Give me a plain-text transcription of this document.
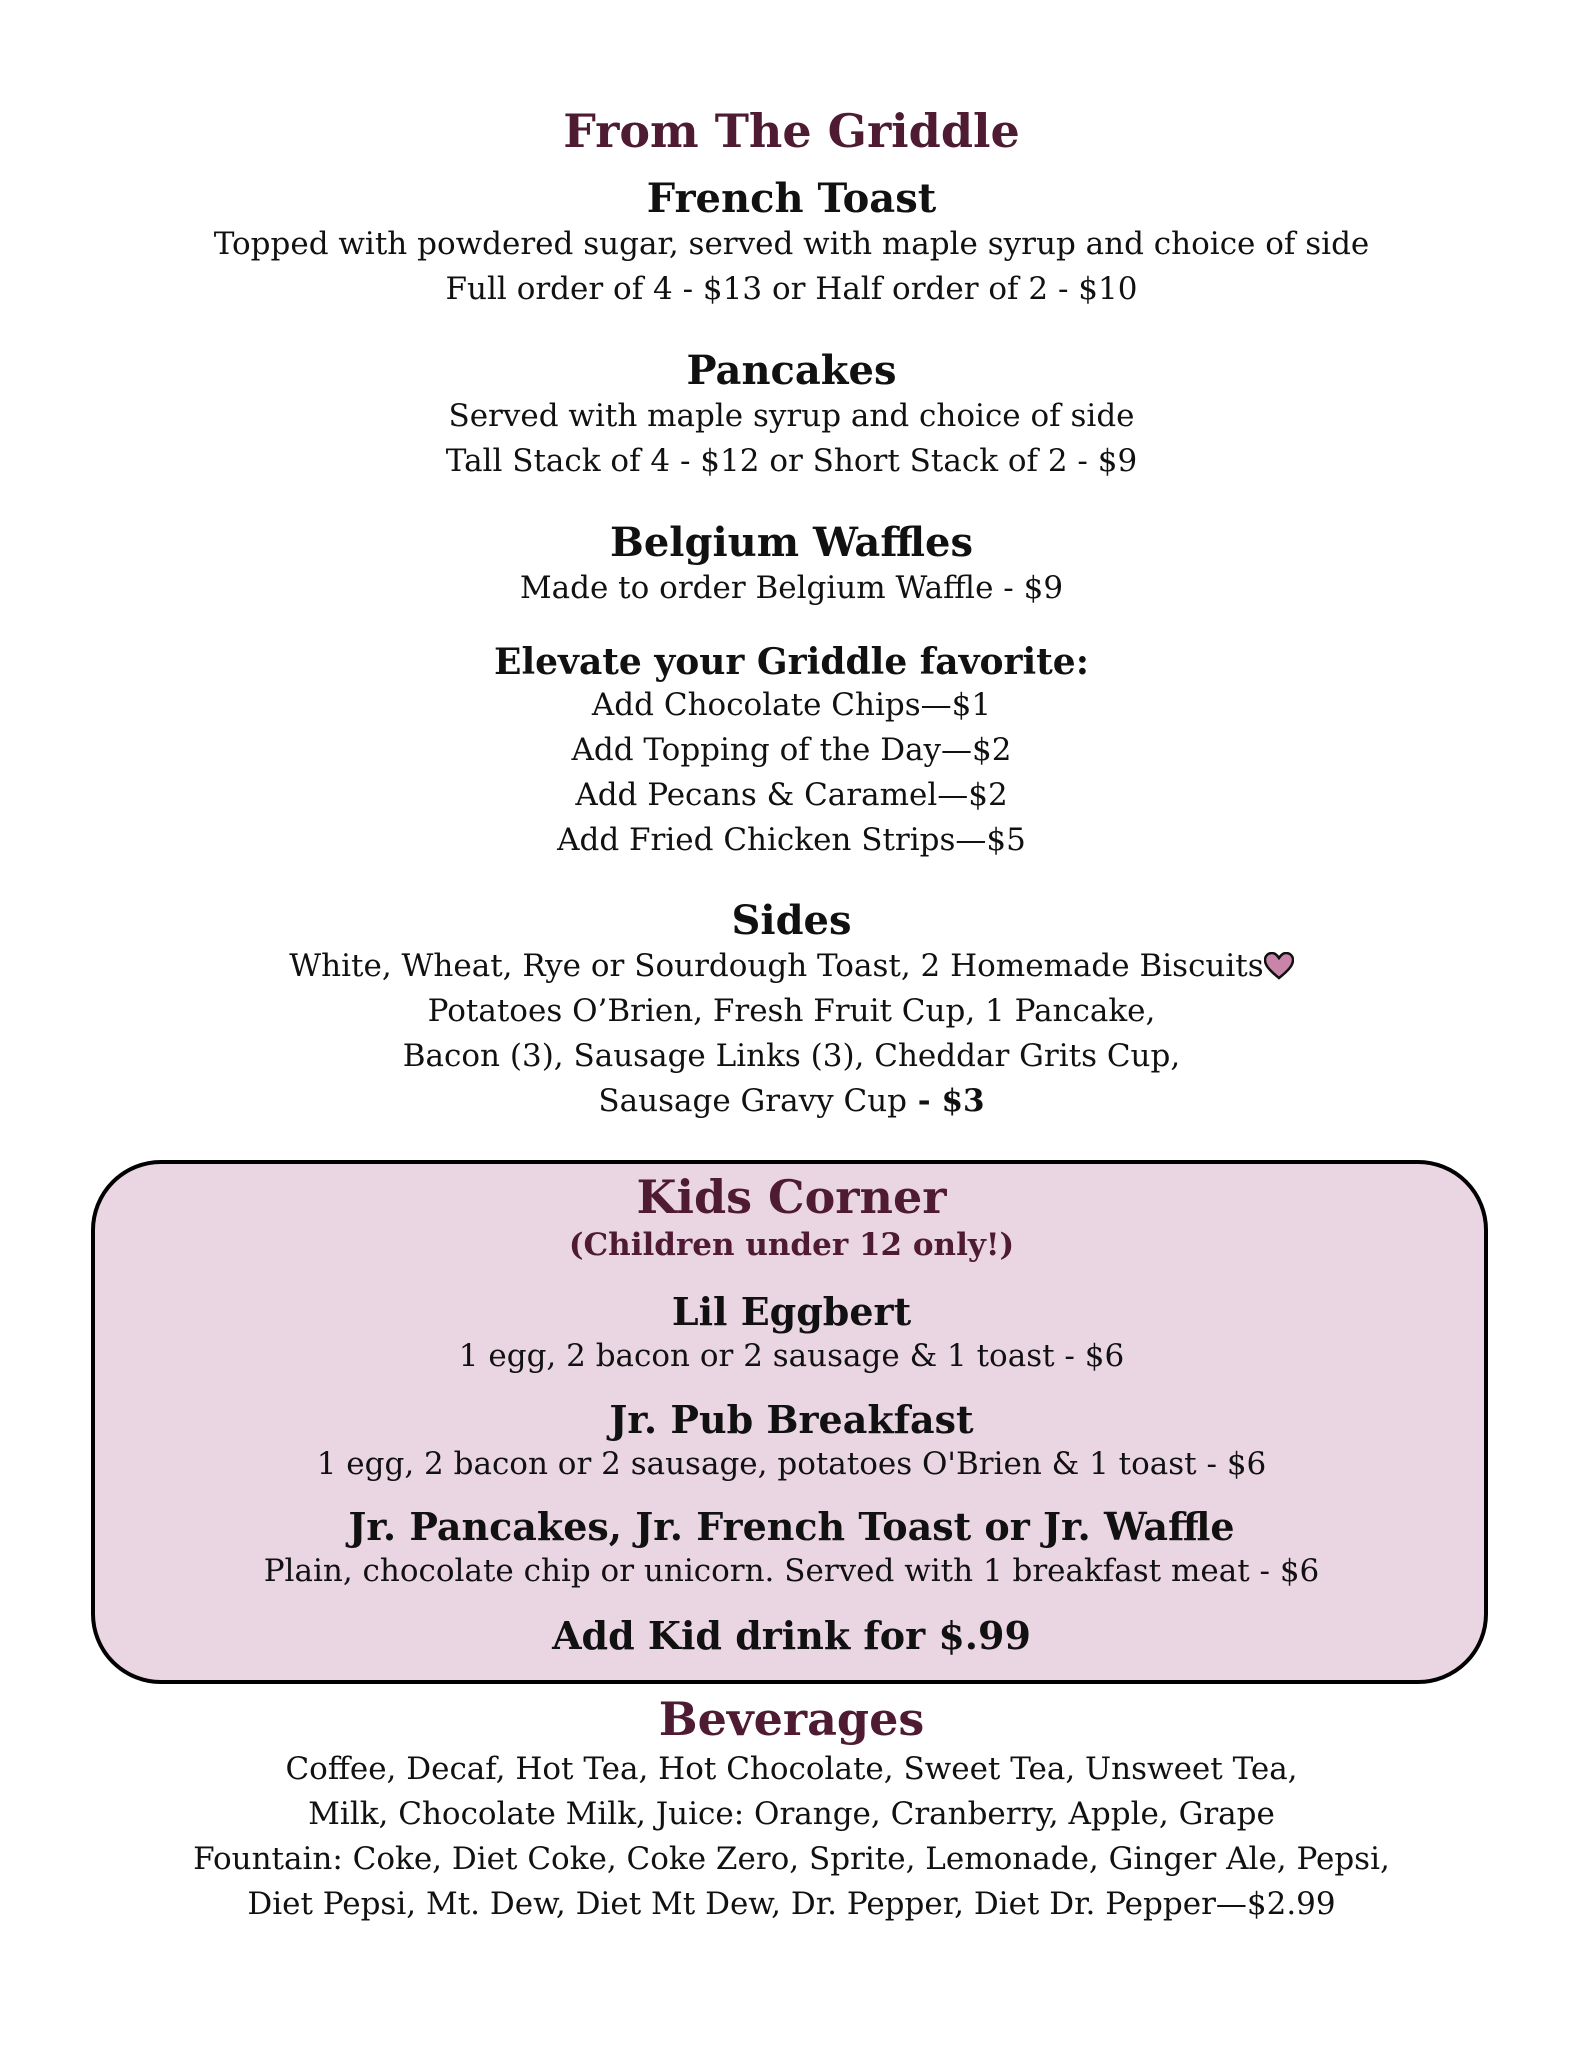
From The Griddle
French Toast

Topped with powdered sugar, served with maple syrup and choice of side

Full order of 4 - $13 or Half order of 2 - $10

Pancakes

Served with maple syrup and choice of side

Tall Stack of 4 - $12 or Short Stack of 2 - $9

Belgium Waffles

Made to order Belgium Waffle - $9

Elevate your Griddle favorite:

Add Chocolate Chips—$1

Add Topping of the Day—$2

Add Pecans & Caramel—$2

Add Fried Chicken Strips—$5

Sides

White, Wheat, Rye or Sourdough Toast, 2 Homemade Biscuits

Potatoes O’Brien, Fresh Fruit Cup, 1 Pancake,

Bacon (3), Sausage Links (3), Cheddar Grits Cup,

Sausage Gravy Cup - $3

Kids Corner

(Children under 12 only!)

Lil Eggbert

1 egg, 2 bacon or 2 sausage & 1 toast - $6

Jr. Pub Breakfast

1 egg, 2 bacon or 2 sausage, potatoes O'Brien & 1 toast - $6

Jr. Pancakes, Jr. French Toast or Jr. Waffle

Plain, chocolate chip or unicorn. Served with 1 breakfast meat - $6

Add Kid drink for $.99
Beverages

Coffee, Decaf, Hot Tea, Hot Chocolate, Sweet Tea, Unsweet Tea,

Milk, Chocolate Milk, Juice: Orange, Cranberry, Apple, Grape

Fountain: Coke, Diet Coke, Coke Zero, Sprite, Lemonade, Ginger Ale, Pepsi,

Diet Pepsi, Mt. Dew, Diet Mt Dew, Dr. Pepper, Diet Dr. Pepper—$2.99
